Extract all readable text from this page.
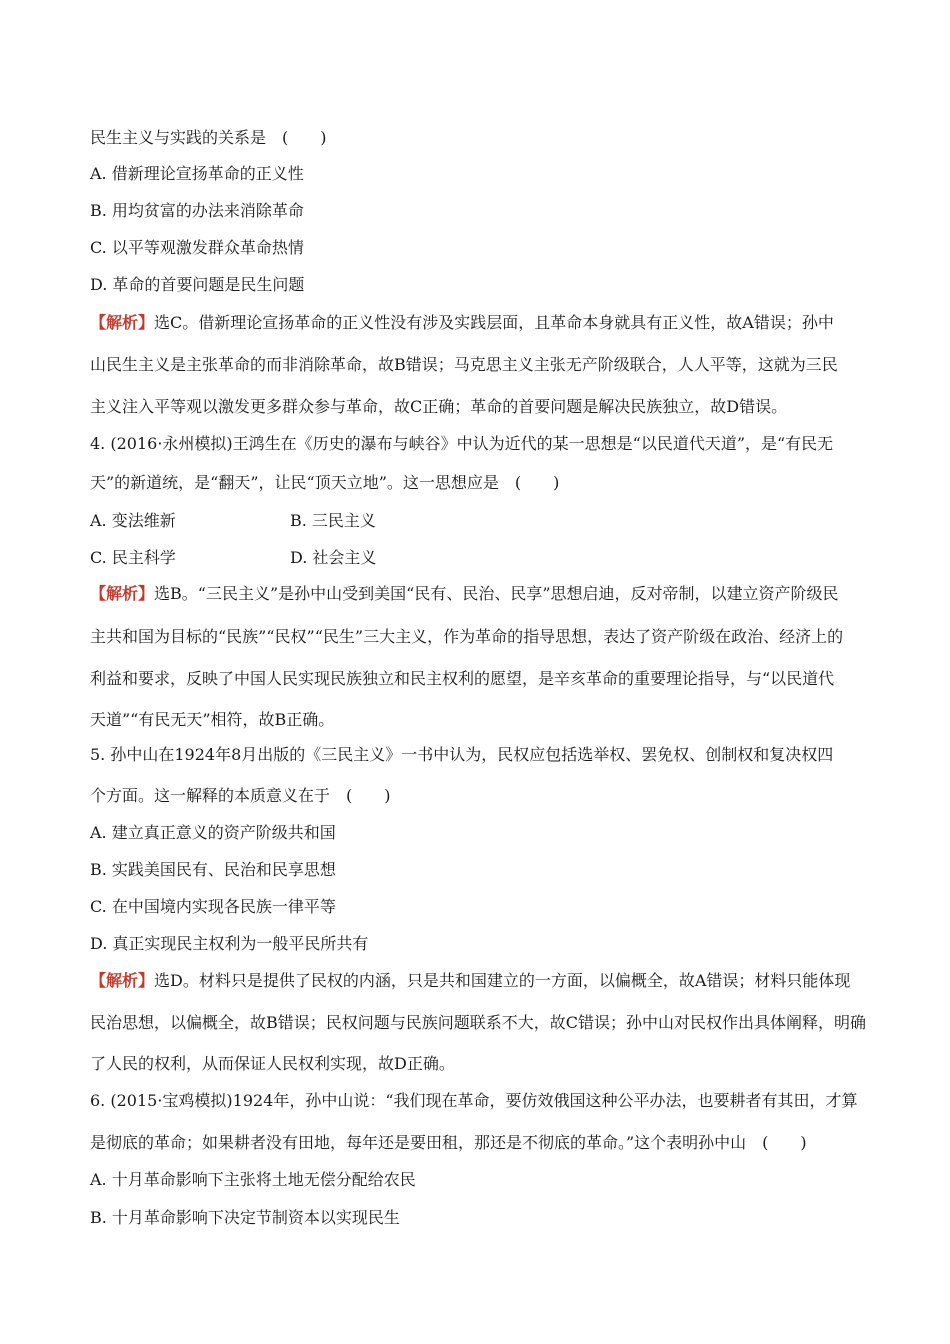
民生主义与实践的关系是　(　　)
A. 借新理论宣扬革命的正义性
B. 用均贫富的办法来消除革命
C. 以平等观激发群众革命热情
D. 革命的首要问题是民生问题
【解析】选C。借新理论宣扬革命的正义性没有涉及实践层面，且革命本身就具有正义性，故A错误；孙中
山民生主义是主张革命的而非消除革命，故B错误；马克思主义主张无产阶级联合，人人平等，这就为三民
主义注入平等观以激发更多群众参与革命，故C正确；革命的首要问题是解决民族独立，故D错误。
4. (2016·永州模拟)王鸿生在《历史的瀑布与峡谷》中认为近代的某一思想是“以民道代天道”，是“有民无
天”的新道统，是“翻天”，让民“顶天立地”。这一思想应是　(　　)
A. 变法维新	B. 三民主义
C. 民主科学	D. 社会主义
【解析】选B。“三民主义”是孙中山受到美国“民有、民治、民享”思想启迪，反对帝制，以建立资产阶级民
主共和国为目标的“民族”“民权”“民生”三大主义，作为革命的指导思想，表达了资产阶级在政治、经济上的
利益和要求，反映了中国人民实现民族独立和民主权利的愿望，是辛亥革命的重要理论指导，与“以民道代
天道”“有民无天”相符，故B正确。
5. 孙中山在1924年8月出版的《三民主义》一书中认为，民权应包括选举权、罢免权、创制权和复决权四
个方面。这一解释的本质意义在于　(　　)
A. 建立真正意义的资产阶级共和国
B. 实践美国民有、民治和民享思想
C. 在中国境内实现各民族一律平等
D. 真正实现民主权利为一般平民所共有
【解析】选D。材料只是提供了民权的内涵，只是共和国建立的一方面，以偏概全，故A错误；材料只能体现
民治思想，以偏概全，故B错误；民权问题与民族问题联系不大，故C错误；孙中山对民权作出具体阐释，明确
了人民的权利，从而保证人民权利实现，故D正确。
6. (2015·宝鸡模拟)1924年，孙中山说：“我们现在革命，要仿效俄国这种公平办法，也要耕者有其田，才算
是彻底的革命；如果耕者没有田地，每年还是要田租，那还是不彻底的革命。”这个表明孙中山　(　　)
A. 十月革命影响下主张将土地无偿分配给农民
B. 十月革命影响下决定节制资本以实现民生
